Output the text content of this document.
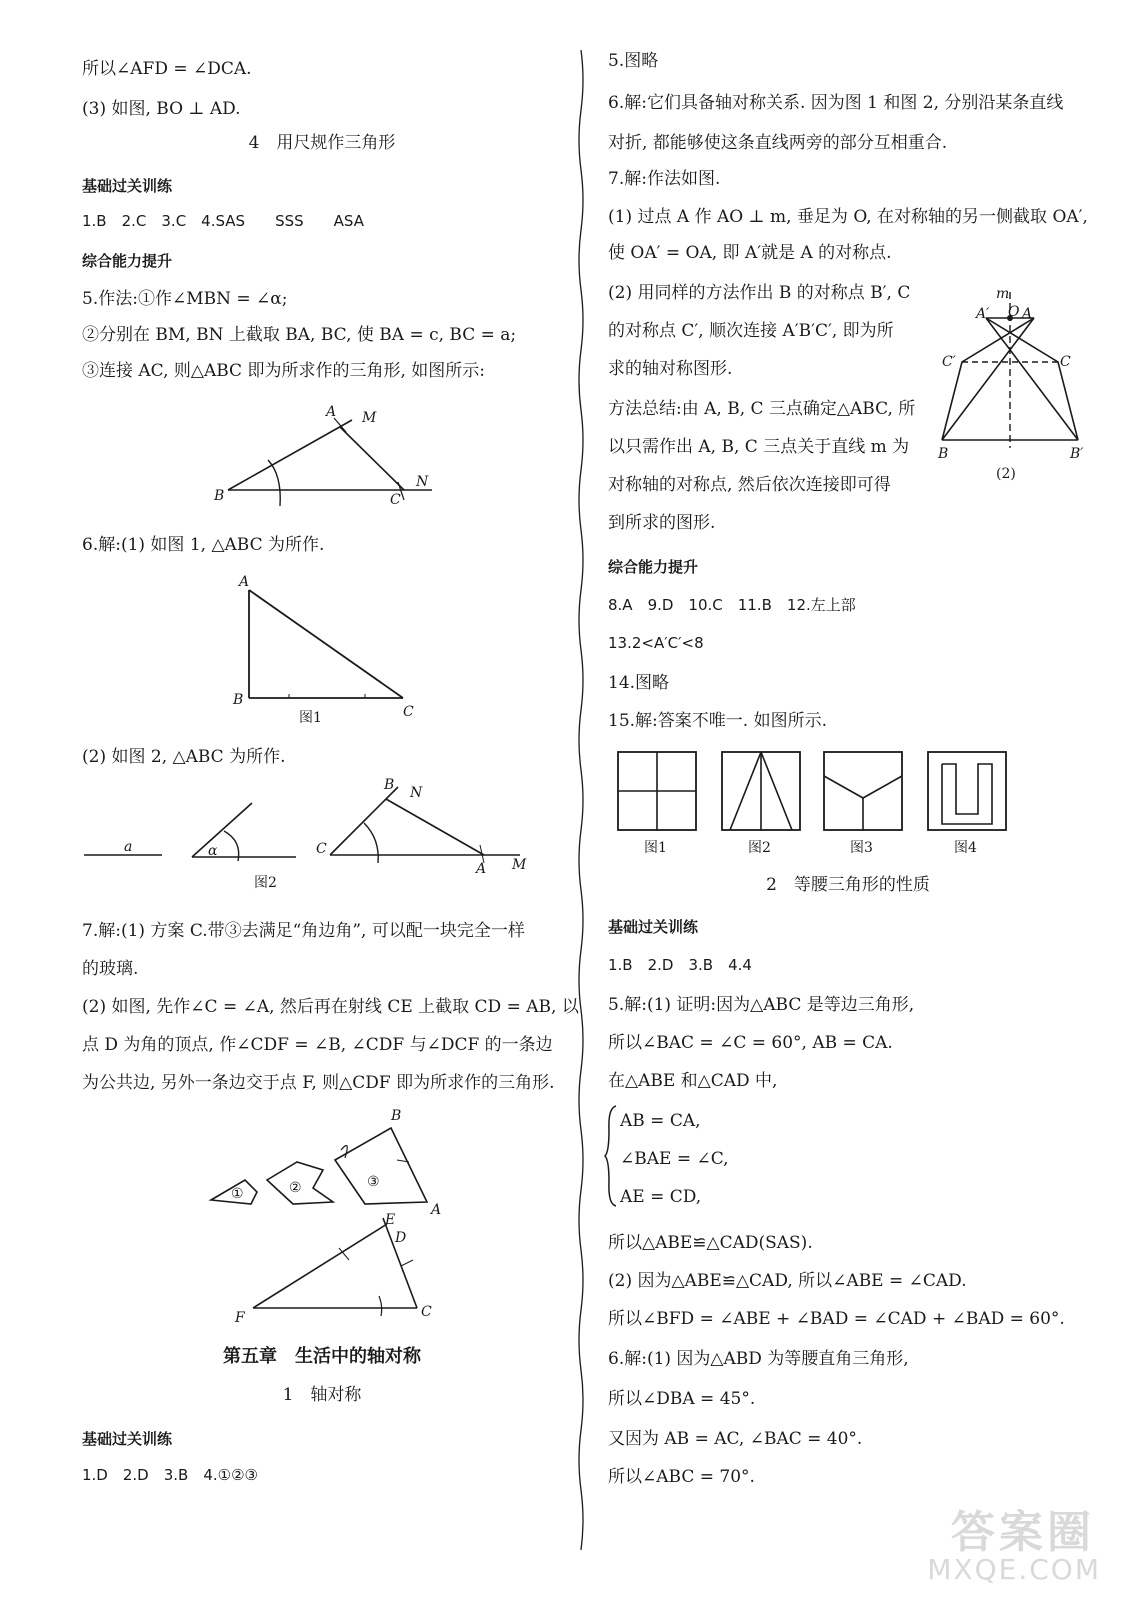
所以∠AFD = ∠DCA.
(3) 如图, BO ⊥ AD.
4　用尺规作三角形
基础过关训练
1.B　2.C　3.C　4.SAS　　SSS　　ASA
综合能力提升
5.作法:①作∠MBN = ∠α;
②分别在 BM, BN 上截取 BA, BC, 使 BA = c, BC = a;
③连接 AC, 则△ABC 即为所求作的三角形, 如图所示:
B
A M
C
N
6.解:(1) 如图 1, △ABC 为所作.
A
B
C
图1
(2) 如图 2, △ABC 为所作.
a	α	C
B N
A M
图2
7.解:(1) 方案 C.带③去满足“角边角”, 可以配一块完全一样
的玻璃.
(2) 如图, 先作∠C = ∠A, 然后再在射线 CE 上截取 CD = AB, 以
点 D 为角的顶点, 作∠CDF = ∠B, ∠CDF 与∠DCF 的一条边
为公共边, 另外一条边交于点 F, 则△CDF 即为所求作的三角形.
①	②	③
B
A
F
E
D
C
第五章　生活中的轴对称
1　轴对称
基础过关训练
1.D　2.D　3.B　4.①②③
5.图略
6.解:它们具备轴对称关系. 因为图 1 和图 2, 分别沿某条直线
对折, 都能够使这条直线两旁的部分互相重合.
7.解:作法如图.
(1) 过点 A 作 AO ⊥ m, 垂足为 O, 在对称轴的另一侧截取 OA′,
使 OA′ = OA, 即 A′就是 A 的对称点.
(2) 用同样的方法作出 B 的对称点 B′, C
的对称点 C′, 顺次连接 A′B′C′, 即为所
求的轴对称图形.
方法总结:由 A, B, C 三点确定△ABC, 所
以只需作出 A, B, C 三点关于直线 m 为
对称轴的对称点, 然后依次连接即可得
到所求的图形.
m
A′ O A
C′	C
B	B′
(2)
综合能力提升
8.A　9.D　10.C　11.B　12.左上部
13.2<A′C′<8
14.图略
15.解:答案不唯一. 如图所示.
图1	图2	图3	图4
2　等腰三角形的性质
基础过关训练
1.B　2.D　3.B　4.4
5.解:(1) 证明:因为△ABC 是等边三角形,
所以∠BAC = ∠C = 60°, AB = CA.
在△ABE 和△CAD 中,
AB = CA,
∠BAE = ∠C,
AE = CD,
所以△ABE≌△CAD(SAS).
(2) 因为△ABE≌△CAD, 所以∠ABE = ∠CAD.
所以∠BFD = ∠ABE + ∠BAD = ∠CAD + ∠BAD = 60°.
6.解:(1) 因为△ABD 为等腰直角三角形,
所以∠DBA = 45°.
又因为 AB = AC, ∠BAC = 40°.
所以∠ABC = 70°.
答案圈
MXQE.COM
